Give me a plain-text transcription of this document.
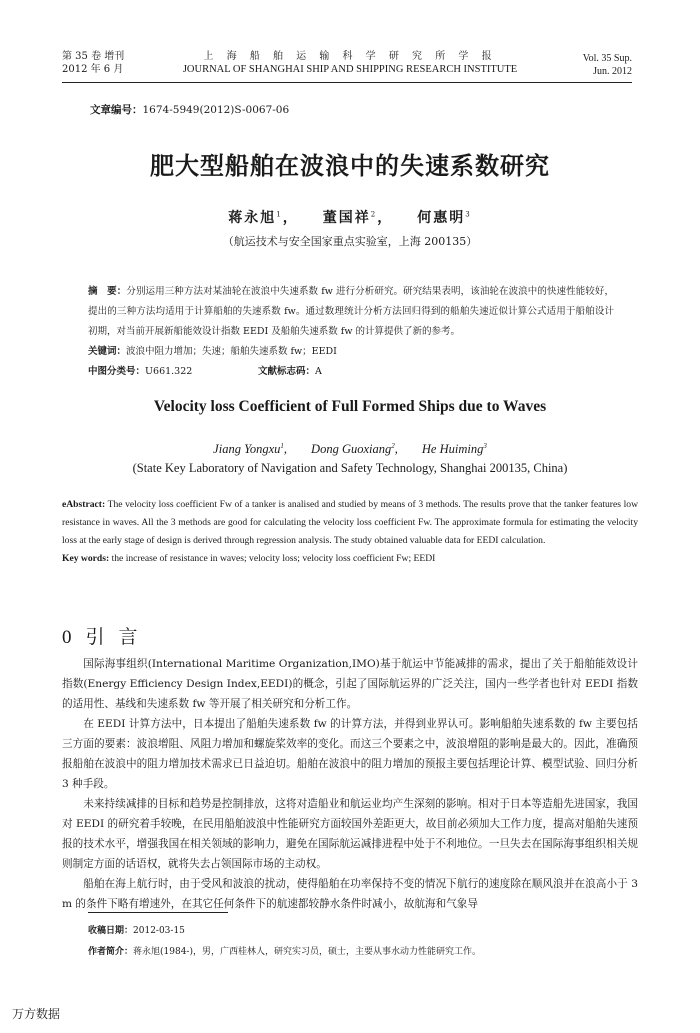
第 35 卷 增刊
2012 年 6 月
上 海 船 舶 运 输 科 学 研 究 所 学 报
JOURNAL OF SHANGHAI SHIP AND SHIPPING RESEARCH INSTITUTE
Vol. 35 Sup.
Jun. 2012
文章编号：1674-5949(2012)S-0067-06
肥大型船舶在波浪中的失速系数研究
蒋永旭$^1$， 董国祥$^2$， 何惠明$^3$
（航运技术与安全国家重点实验室，上海 200135）
摘　要：分别运用三种方法对某油轮在波浪中失速系数 fw 进行分析研究。研究结果表明，该油轮在波浪中的快速性能较好，提出的三种方法均适用于计算船舶的失速系数 fw。通过数理统计分析方法回归得到的船舶失速近似计算公式适用于船舶设计初期，对当前开展新船能效设计指数 EEDI 及船舶失速系数 fw 的计算提供了新的参考。
关键词：波浪中阻力增加；失速；船舶失速系数 fw；EEDI
中图分类号：U661.322	文献标志码：A
Velocity loss Coefficient of Full Formed Ships due to Waves
Jiang Yongxu$^1$, Dong Guoxiang$^2$, He Huiming$^3$
(State Key Laboratory of Navigation and Safety Technology, Shanghai 200135, China)
eAbstract: The velocity loss coefficient Fw of a tanker is analised and studied by means of 3 methods. The results prove that the tanker features low resistance in waves. All the 3 methods are good for calculating the velocity loss coefficient Fw. The approximate formula for estimating the velocity loss at the early stage of design is derived through regression analysis. The study obtained valuable data for EEDI calculation.
Key words: the increase of resistance in waves; velocity loss; velocity loss coefficient Fw; EEDI
0 引言

国际海事组织(International Maritime Organization,IMO)基于航运中节能减排的需求，提出了关于船舶能效设计指数(Energy Efficiency Design Index,EEDI)的概念，引起了国际航运界的广泛关注，国内一些学者也针对 EEDI 指数的适用性、基线和失速系数 fw 等开展了相关研究和分析工作。

在 EEDI 计算方法中，日本提出了船舶失速系数 fw 的计算方法，并得到业界认可。影响船舶失速系数的 fw 主要包括三方面的要素：波浪增阻、风阻力增加和螺旋桨效率的变化。而这三个要素之中，波浪增阻的影响是最大的。因此，准确预报船舶在波浪中的阻力增加技术需求已日益迫切。船舶在波浪中的阻力增加的预报主要包括理论计算、模型试验、回归分析 3 种手段。

未来持续减排的目标和趋势是控制排放，这将对造船业和航运业均产生深刻的影响。相对于日本等造船先进国家，我国对 EEDI 的研究着手较晚，在民用船舶波浪中性能研究方面较国外差距更大，故目前必须加大工作力度，提高对船舶失速预报的技术水平，增强我国在相关领域的影响力，避免在国际航运减排进程中处于不利地位。一旦失去在国际海事组织相关规则制定方面的话语权，就将失去占领国际市场的主动权。

船舶在海上航行时，由于受风和波浪的扰动，使得船舶在功率保持不变的情况下航行的速度除在顺风浪并在浪高小于 3 m 的条件下略有增速外，在其它任何条件下的航速都较静水条件时减小，故航海和气象导

收稿日期：2012-03-15
作者简介：蒋永旭(1984-)，男，广西桂林人，研究实习员，硕士，主要从事水动力性能研究工作。
万方数据
